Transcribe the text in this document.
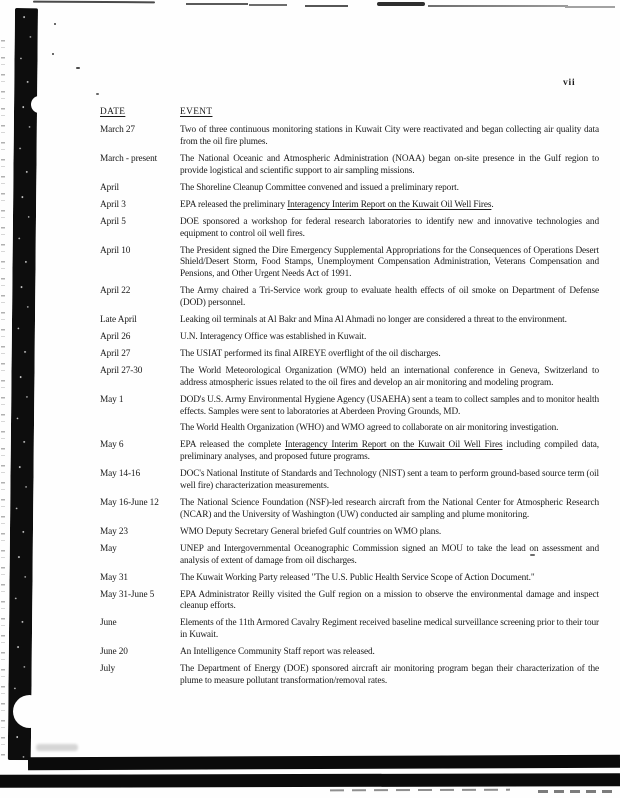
vii
DATE	EVENT
March 27	Two of three continuous monitoring stations in Kuwait City were reactivated and began collecting air quality data from the oil fire plumes.
March - present	The National Oceanic and Atmospheric Administration (NOAA) began on-site presence in the Gulf region to provide logistical and scientific support to air sampling missions.
April	The Shoreline Cleanup Committee convened and issued a preliminary report.
April 3	EPA released the preliminary Interagency Interim Report on the Kuwait Oil Well Fires.
April 5	DOE sponsored a workshop for federal research laboratories to identify new and innovative technologies and equipment to control oil well fires.
April 10	The President signed the Dire Emergency Supplemental Appropriations for the Consequences of Operations Desert Shield/Desert Storm, Food Stamps, Unemployment Compensation Administration, Veterans Compensation and Pensions, and Other Urgent Needs Act of 1991.
April 22	The Army chaired a Tri-Service work group to evaluate health effects of oil smoke on Department of Defense (DOD) personnel.
Late April	Leaking oil terminals at Al Bakr and Mina Al Ahmadi no longer are considered a threat to the environment.
April 26	U.N. Interagency Office was established in Kuwait.
April 27	The USIAT performed its final AIREYE overflight of the oil discharges.
April 27-30	The World Meteorological Organization (WMO) held an international conference in Geneva, Switzerland to address atmospheric issues related to the oil fires and develop an air monitoring and modeling program.
May 1	DOD's U.S. Army Environmental Hygiene Agency (USAEHA) sent a team to collect samples and to monitor health effects. Samples were sent to laboratories at Aberdeen Proving Grounds, MD.
The World Health Organization (WHO) and WMO agreed to collaborate on air monitoring investigation.
May 6	EPA released the complete Interagency Interim Report on the Kuwait Oil Well Fires including compiled data, preliminary analyses, and proposed future programs.
May 14-16	DOC's National Institute of Standards and Technology (NIST) sent a team to perform ground-based source term (oil well fire) characterization measurements.
May 16-June 12	The National Science Foundation (NSF)-led research aircraft from the National Center for Atmospheric Research (NCAR) and the University of Washington (UW) conducted air sampling and plume monitoring.
May 23	WMO Deputy Secretary General briefed Gulf countries on WMO plans.
May	UNEP and Intergovernmental Oceanographic Commission signed an MOU to take the lead on assessment and analysis of extent of damage from oil discharges.
May 31	The Kuwait Working Party released "The U.S. Public Health Service Scope of Action Document."
May 31-June 5	EPA Administrator Reilly visited the Gulf region on a mission to observe the environmental damage and inspect cleanup efforts.
June	Elements of the 11th Armored Cavalry Regiment received baseline medical surveillance screening prior to their tour in Kuwait.
June 20	An Intelligence Community Staff report was released.
July	The Department of Energy (DOE) sponsored aircraft air monitoring program began their characterization of the plume to measure pollutant transformation/removal rates.
